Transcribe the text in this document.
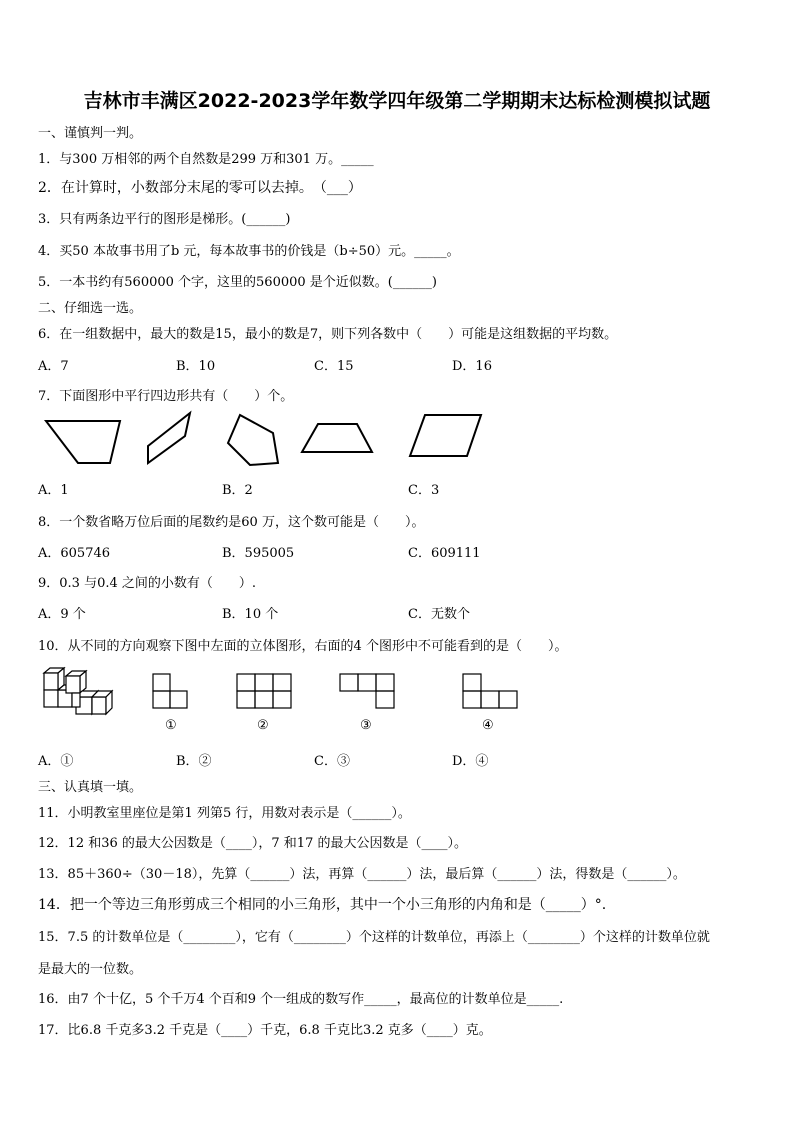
吉林市丰满区2022-2023学年数学四年级第二学期期末达标检测模拟试题
一、谨慎判一判。
1．与300 万相邻的两个自然数是299 万和301 万。_____
2．在计算时，小数部分末尾的零可以去掉。　（___）
3．只有两条边平行的图形是梯形。(______)
4．买50 本故事书用了b 元，每本故事书的价钱是（b÷50）元。_____。
5．一本书约有560000 个字，这里的560000 是个近似数。(______)
二、仔细选一选。
6．在一组数据中，最大的数是15，最小的数是7，则下列各数中（　　）可能是这组数据的平均数。
A．7	B．10	C．15	D．16
7．下面图形中平行四边形共有（　　）个。
A．1	B．2	C．3
8．一个数省略万位后面的尾数约是60 万，这个数可能是（　　）。
A．605746	B．595005	C．609111
9．0.3 与0.4 之间的小数有（　　）.
A．9 个	B．10 个	C．无数个
10．从不同的方向观察下图中左面的立体图形，右面的4 个图形中不可能看到的是（　　）。
①	②	③	④
A．①	B．②	C．③	D．④
三、认真填一填。
11．小明教室里座位是第1 列第5 行，用数对表示是（______）。
12．12 和36 的最大公因数是（____），7 和17 的最大公因数是（____）。
13．85＋360÷（30－18），先算（______）法，再算（______）法，最后算（______）法，得数是（______）。
14．把一个等边三角形剪成三个相同的小三角形，其中一个小三角形的内角和是（_____）°.
15．7.5 的计数单位是（________），它有（________）个这样的计数单位，再添上（________）个这样的计数单位就
是最大的一位数。
16．由7 个十亿，5 个千万4 个百和9 个一组成的数写作_____，最高位的计数单位是_____.
17．比6.8 千克多3.2 千克是（____）千克，6.8 千克比3.2 克多（____）克。
